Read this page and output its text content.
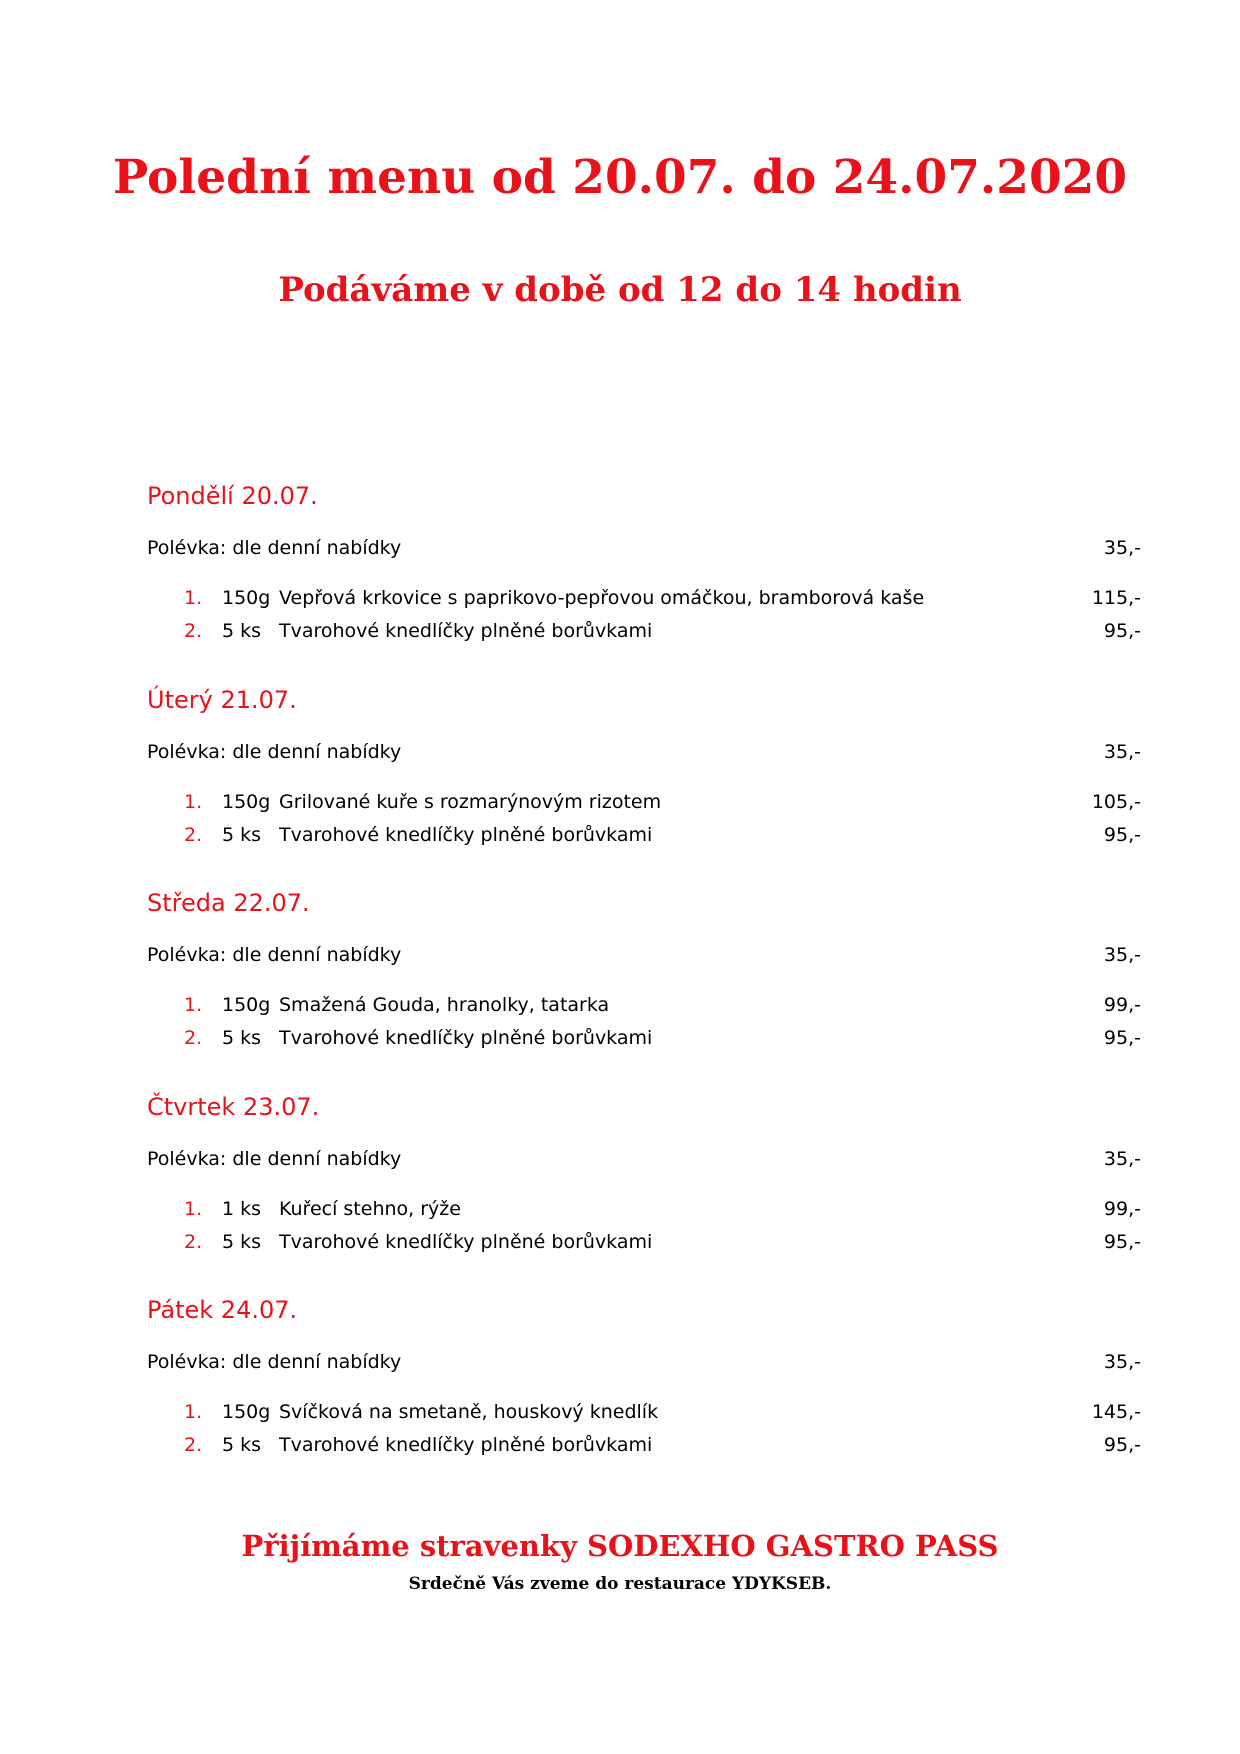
Polední menu od 20.07. do 24.07.2020
Podáváme v době od 12 do 14 hodin
Pondělí 20.07.
Polévka: dle denní nabídky	35,-
1. 150g Vepřová krkovice s paprikovo-pepřovou omáčkou, bramborová kaše	115,-
2. 5 ks Tvarohové knedlíčky plněné borůvkami	95,-
Úterý 21.07.
Polévka: dle denní nabídky	35,-
1. 150g Grilované kuře s rozmarýnovým rizotem	105,-
2. 5 ks Tvarohové knedlíčky plněné borůvkami	95,-
Středa 22.07.
Polévka: dle denní nabídky	35,-
1. 150g Smažená Gouda, hranolky, tatarka	99,-
2. 5 ks Tvarohové knedlíčky plněné borůvkami	95,-
Čtvrtek 23.07.
Polévka: dle denní nabídky	35,-
1. 1 ks Kuřecí stehno, rýže	99,-
2. 5 ks Tvarohové knedlíčky plněné borůvkami	95,-
Pátek 24.07.
Polévka: dle denní nabídky	35,-
1. 150g Svíčková na smetaně, houskový knedlík	145,-
2. 5 ks Tvarohové knedlíčky plněné borůvkami	95,-
Přijímáme stravenky SODEXHO GASTRO PASS
Srdečně Vás zveme do restaurace YDYKSEB.
